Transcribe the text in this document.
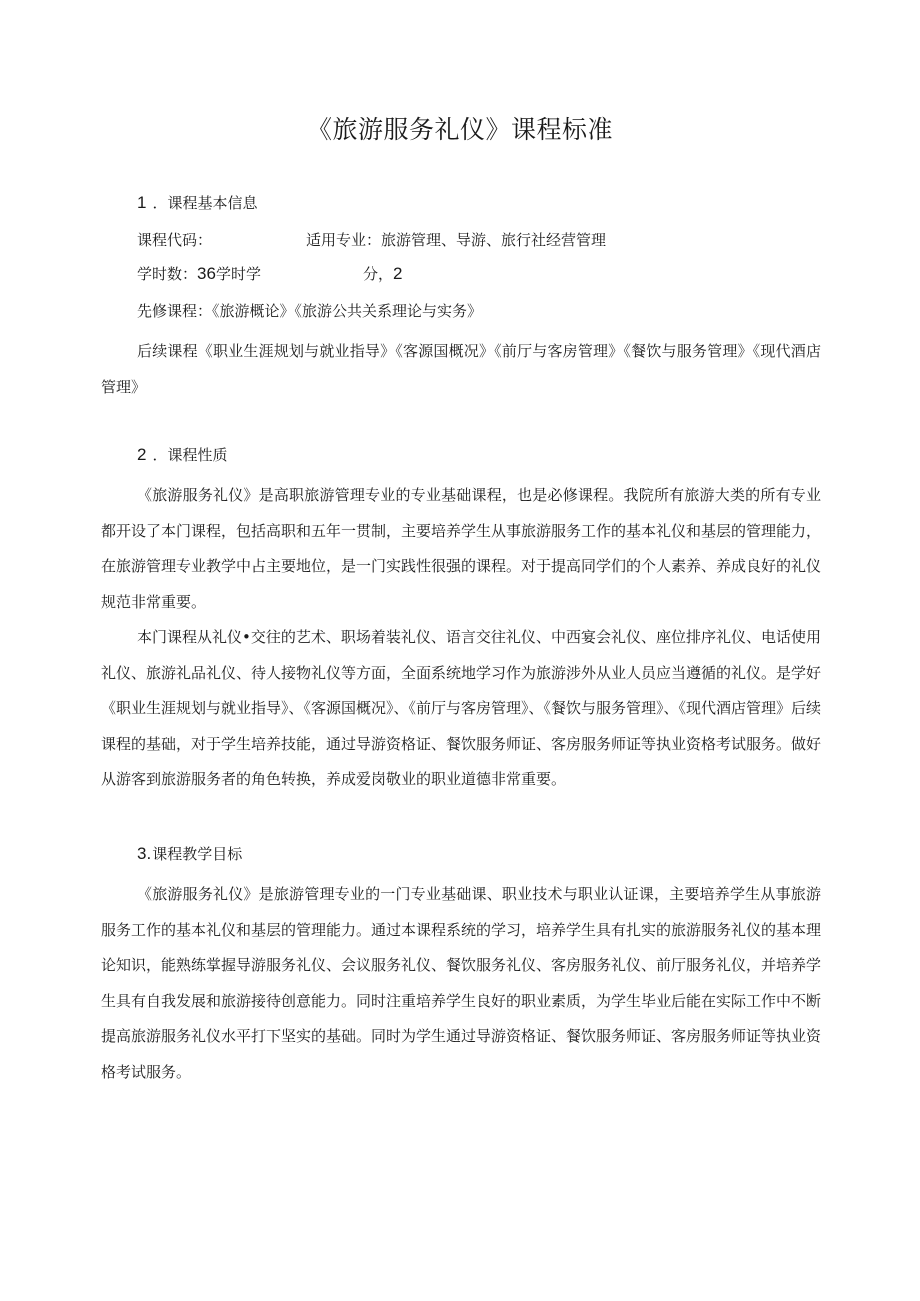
《旅游服务礼仪》课程标准
1 ．课程基本信息
课程代码：	适用专业：旅游管理、导游、旅行社经营管理
学时数：36学时学	分，2
先修课程：《旅游概论》《旅游公共关系理论与实务》

后续课程《职业生涯规划与就业指导》《客源国概况》《前厅与客房管理》《餐饮与服务管理》《现代酒店管理》

2 ．课程性质

《旅游服务礼仪》是高职旅游管理专业的专业基础课程，也是必修课程。我院所有旅游大类的所有专业都开设了本门课程，包括高职和五年一贯制，主要培养学生从事旅游服务工作的基本礼仪和基层的管理能力，在旅游管理专业教学中占主要地位，是一门实践性很强的课程。对于提高同学们的个人素养、养成良好的礼仪规范非常重要。

本门课程从礼仪•交往的艺术、职场着装礼仪、语言交往礼仪、中西宴会礼仪、座位排序礼仪、电话使用礼仪、旅游礼品礼仪、待人接物礼仪等方面，全面系统地学习作为旅游涉外从业人员应当遵循的礼仪。是学好《职业生涯规划与就业指导》、《客源国概况》、《前厅与客房管理》、《餐饮与服务管理》、《现代酒店管理》后续课程的基础，对于学生培养技能，通过导游资格证、餐饮服务师证、客房服务师证等执业资格考试服务。做好从游客到旅游服务者的角色转换，养成爱岗敬业的职业道德非常重要。

3.课程教学目标

《旅游服务礼仪》是旅游管理专业的一门专业基础课、职业技术与职业认证课，主要培养学生从事旅游服务工作的基本礼仪和基层的管理能力。通过本课程系统的学习，培养学生具有扎实的旅游服务礼仪的基本理论知识，能熟练掌握导游服务礼仪、会议服务礼仪、餐饮服务礼仪、客房服务礼仪、前厅服务礼仪，并培养学生具有自我发展和旅游接待创意能力。同时注重培养学生良好的职业素质，为学生毕业后能在实际工作中不断提高旅游服务礼仪水平打下坚实的基础。同时为学生通过导游资格证、餐饮服务师证、客房服务师证等执业资格考试服务。
